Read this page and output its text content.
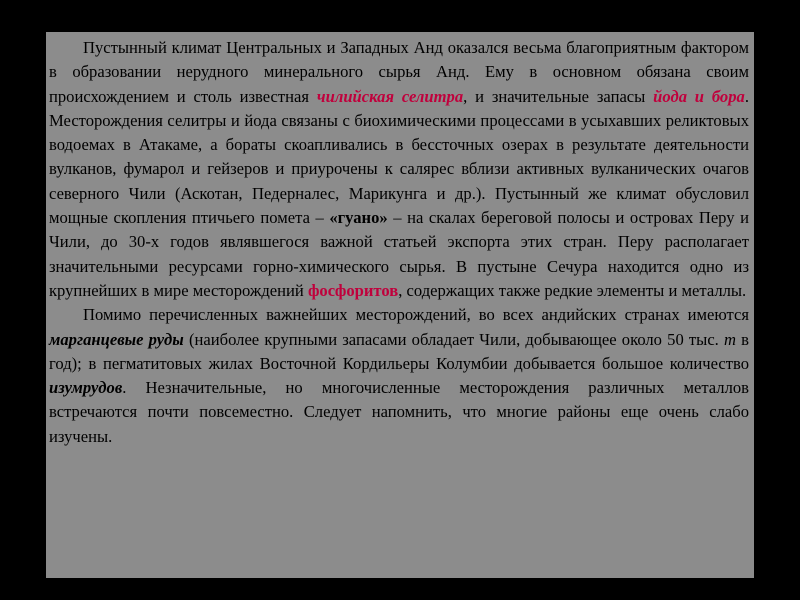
Пустынный климат Центральных и Западных Анд оказался весьма благоприятным фактором в образовании нерудного минерального сырья Анд. Ему в основном обязана своим происхождением и столь известная чилийская селитра, и значительные запасы йода и бора. Месторождения селитры и йода связаны с биохимическими процессами в усыхавших реликтовых водоемах в Атакаме, а бораты скоапливались в бессточных озерах в результате деятельности вулканов, фумарол и гейзеров и приурочены к салярес вблизи активных вулканических очагов северного Чили (Аскотан, Педерналес, Марикунга и др.). Пустынный же климат обусловил мощные скопления птичьего помета – «гуано» – на скалах береговой полосы и островах Перу и Чили, до 30-х годов являвшегося важной статьей экспорта этих стран. Перу располагает значительными ресурсами горно-химического сырья. В пустыне Сечура находится одно из крупнейших в мире месторождений фосфоритов, содержащих также редкие элементы и металлы.

Помимо перечисленных важнейших месторождений, во всех андийских странах имеются марганцевые руды (наиболее крупными запасами обладает Чили, добывающее около 50 тыс. т в год); в пегматитовых жилах Восточной Кордильеры Колумбии добывается большое количество изумрудов. Незначительные, но многочисленные месторождения различных металлов встречаются почти повсеместно. Следует напомнить, что многие районы еще очень слабо изучены.
